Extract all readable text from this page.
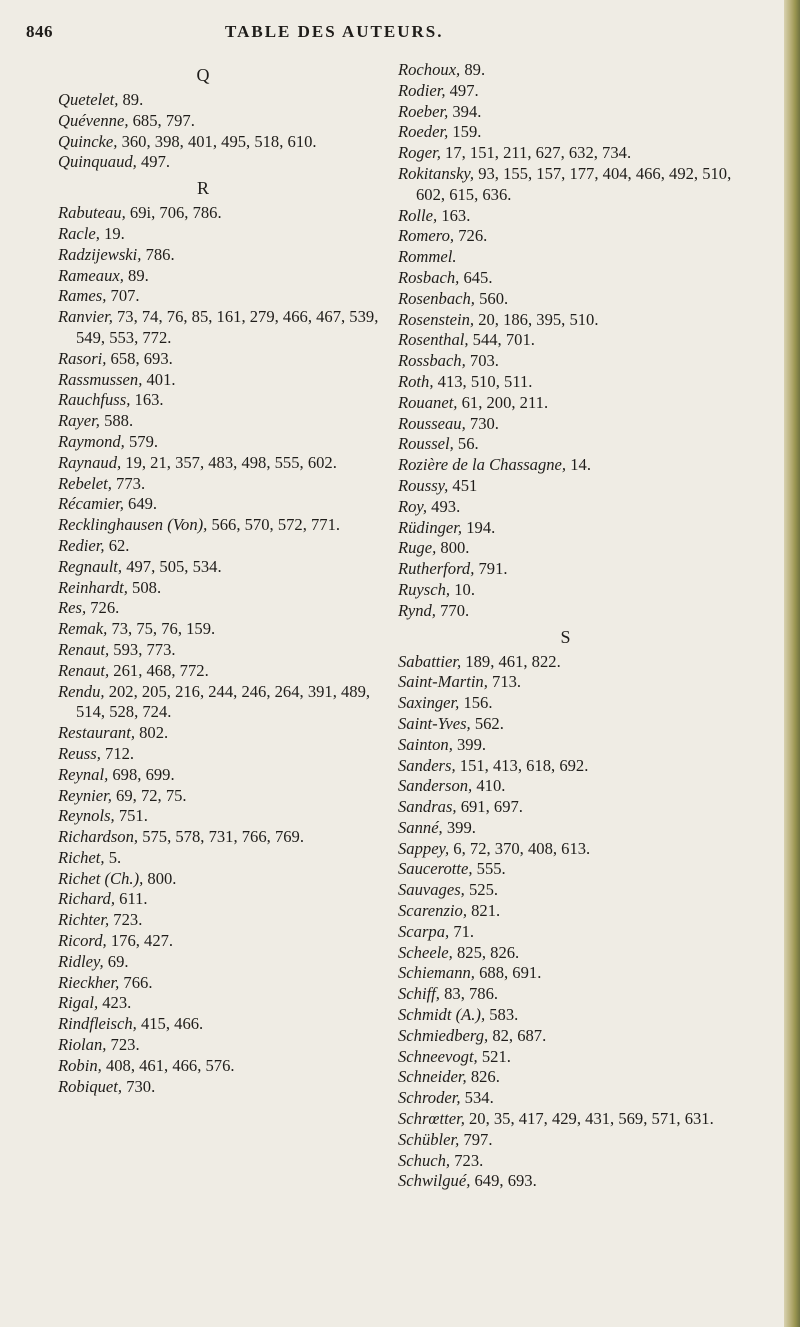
846	TABLE DES AUTEURS.
Q
Quetelet, 89.
Quévenne, 685, 797.
Quincke, 360, 398, 401, 495, 518, 610.
Quinquaud, 497.
R
Rabuteau, 69i, 706, 786.
Racle, 19.
Radzijewski, 786.
Rameaux, 89.
Rames, 707.
Ranvier, 73, 74, 76, 85, 161, 279, 466, 467, 539, 549, 553, 772.
Rasori, 658, 693.
Rassmussen, 401.
Rauchfuss, 163.
Rayer, 588.
Raymond, 579.
Raynaud, 19, 21, 357, 483, 498, 555, 602.
Rebelet, 773.
Récamier, 649.
Recklinghausen (Von), 566, 570, 572, 771.
Redier, 62.
Regnault, 497, 505, 534.
Reinhardt, 508.
Res, 726.
Remak, 73, 75, 76, 159.
Renaut, 593, 773.
Renaut, 261, 468, 772.
Rendu, 202, 205, 216, 244, 246, 264, 391, 489, 514, 528, 724.
Restaurant, 802.
Reuss, 712.
Reynal, 698, 699.
Reynier, 69, 72, 75.
Reynols, 751.
Richardson, 575, 578, 731, 766, 769.
Richet, 5.
Richet (Ch.), 800.
Richard, 611.
Richter, 723.
Ricord, 176, 427.
Ridley, 69.
Rieckher, 766.
Rigal, 423.
Rindfleisch, 415, 466.
Riolan, 723.
Robin, 408, 461, 466, 576.
Robiquet, 730.
Rochoux, 89.
Rodier, 497.
Roeber, 394.
Roeder, 159.
Roger, 17, 151, 211, 627, 632, 734.
Rokitansky, 93, 155, 157, 177, 404, 466, 492, 510, 602, 615, 636.
Rolle, 163.
Romero, 726.
Rommel.
Rosbach, 645.
Rosenbach, 560.
Rosenstein, 20, 186, 395, 510.
Rosenthal, 544, 701.
Rossbach, 703.
Roth, 413, 510, 511.
Rouanet, 61, 200, 211.
Rousseau, 730.
Roussel, 56.
Rozière de la Chassagne, 14.
Roussy, 451
Roy, 493.
Rüdinger, 194.
Ruge, 800.
Rutherford, 791.
Ruysch, 10.
Rynd, 770.
S
Sabattier, 189, 461, 822.
Saint-Martin, 713.
Saxinger, 156.
Saint-Yves, 562.
Sainton, 399.
Sanders, 151, 413, 618, 692.
Sanderson, 410.
Sandras, 691, 697.
Sanné, 399.
Sappey, 6, 72, 370, 408, 613.
Saucerotte, 555.
Sauvages, 525.
Scarenzio, 821.
Scarpa, 71.
Scheele, 825, 826.
Schiemann, 688, 691.
Schiff, 83, 786.
Schmidt (A.), 583.
Schmiedberg, 82, 687.
Schneevogt, 521.
Schneider, 826.
Schroder, 534.
Schrœtter, 20, 35, 417, 429, 431, 569, 571, 631.
Schübler, 797.
Schuch, 723.
Schwilgué, 649, 693.
